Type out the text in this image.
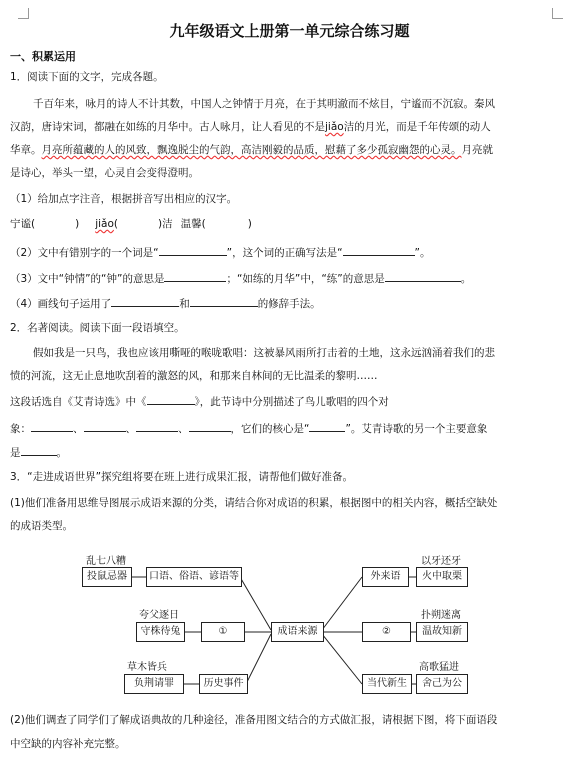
九年级语文上册第一单元综合练习题
一、积累运用
1．阅读下面的文字，完成各题。
千百年来，咏月的诗人不计其数，中国人之钟情于月亮，在于其明澈而不炫目，宁谧而不沉寂。秦风
汉韵，唐诗宋词，都融在如练的月华中。古人咏月，让人看见的不是jiǎo洁的月光，而是千年传颂的动人
华章。月亮所蕴藏的人的风致，飘逸脱尘的气韵，高洁刚毅的品质，慰藉了多少孤寂幽怨的心灵。月亮就
是诗心，举头一望，心灵自会变得澄明。
（1）给加点字注音，根据拼音写出相应的汉字。
宁谧(	) jiǎo(	)洁 温馨(	)
（2）文中有错别字的一个词是“	”，这个词的正确写法是“	”。
（3）文中“钟情”的“钟”的意思是	；“如练的月华”中，“练”的意思是	。
（4）画线句子运用了	和	的修辞手法。
2．名著阅读。阅读下面一段语填空。
假如我是一只鸟，我也应该用嘶哑的喉咙歌唱：这被暴风雨所打击着的土地，这永远汹涌着我们的悲
愤的河流，这无止息地吹刮着的激怒的风，和那来自林间的无比温柔的黎明……
这段话选自《艾青诗选》中《	》，此节诗中分别描述了鸟儿歌唱的四个对
象：	、	、	、	，它们的核心是“	”。艾青诗歌的另一个主要意象
是	。
3．“走进成语世界”探究组将要在班上进行成果汇报，请帮他们做好准备。
(1)他们准备用思维导图展示成语来源的分类，请结合你对成语的积累，根据图中的相关内容，概括空缺处
的成语类型。
乱七八糟
投鼠忌器	口语、俗语、谚语等
夸父逐日
守株待兔	①
草木皆兵
负荆请罪	历史事件
成语来源
外来语
以牙还牙
火中取栗
②
扑朔迷离
温故知新
当代新生
高歌猛进
舍己为公
(2)他们调查了同学们了解成语典故的几种途径，准备用图文结合的方式做汇报，请根据下图，将下面语段
中空缺的内容补充完整。
